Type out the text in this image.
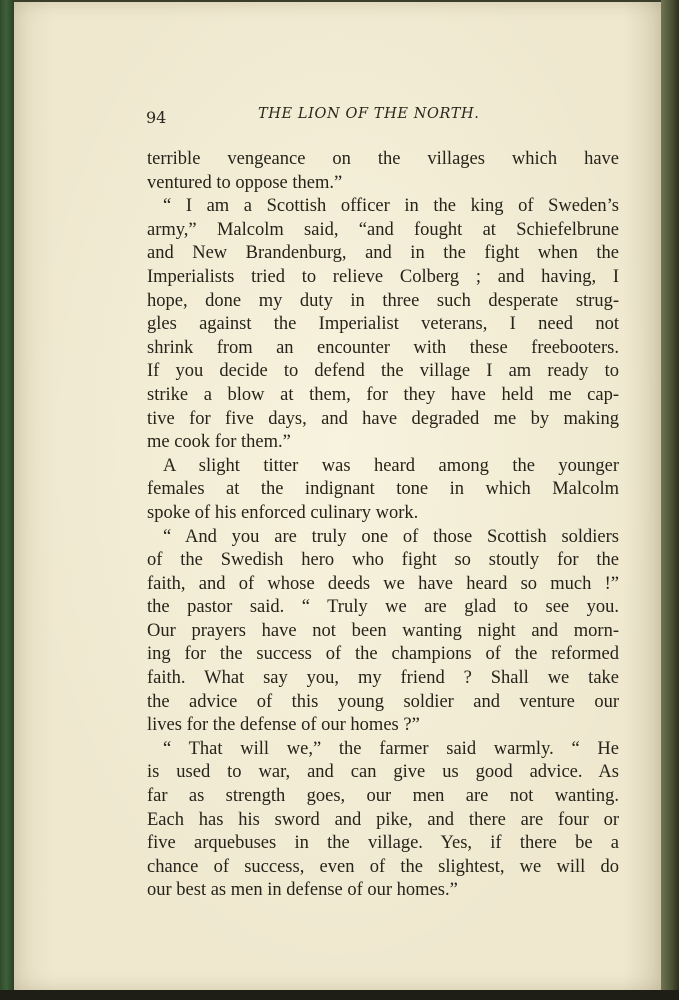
94	THE LION OF THE NORTH.
terrible vengeance on the villages which have
ventured to oppose them.”
“ I am a Scottish officer in the king of Sweden’s
army,” Malcolm said, “and fought at Schiefelbrune
and New Brandenburg, and in the fight when the
Imperialists tried to relieve Colberg ; and having, I
hope, done my duty in three such desperate strug-
gles against the Imperialist veterans, I need not
shrink from an encounter with these freebooters.
If you decide to defend the village I am ready to
strike a blow at them, for they have held me cap-
tive for five days, and have degraded me by making
me cook for them.”
A slight titter was heard among the younger
females at the indignant tone in which Malcolm
spoke of his enforced culinary work.
“ And you are truly one of those Scottish soldiers
of the Swedish hero who fight so stoutly for the
faith, and of whose deeds we have heard so much !”
the pastor said. “ Truly we are glad to see you.
Our prayers have not been wanting night and morn-
ing for the success of the champions of the reformed
faith. What say you, my friend ? Shall we take
the advice of this young soldier and venture our
lives for the defense of our homes ?”
“ That will we,” the farmer said warmly. “ He
is used to war, and can give us good advice. As
far as strength goes, our men are not wanting.
Each has his sword and pike, and there are four or
five arquebuses in the village. Yes, if there be a
chance of success, even of the slightest, we will do
our best as men in defense of our homes.”
